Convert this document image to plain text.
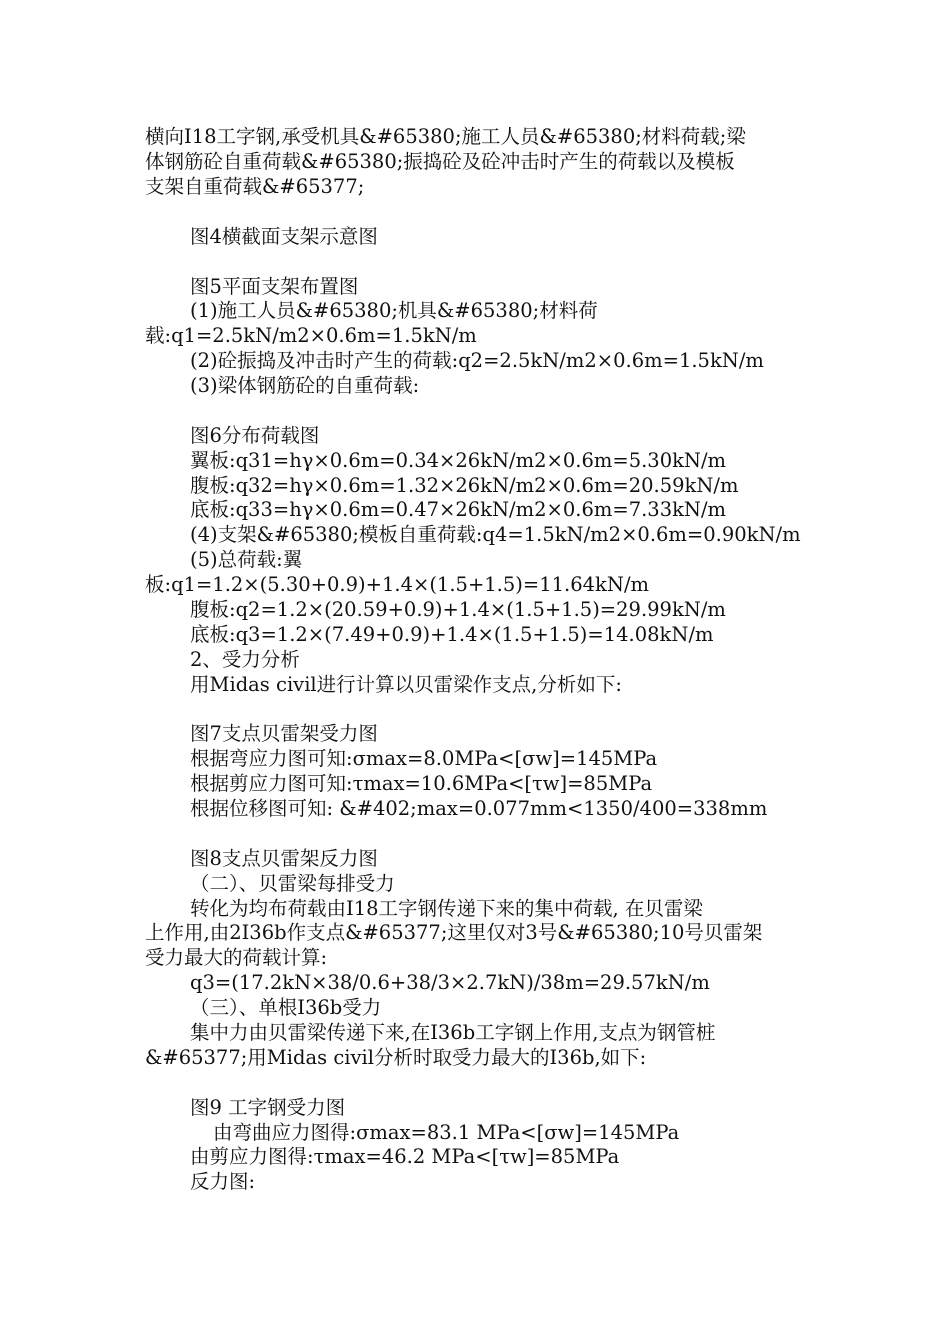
横向I18工字钢,承受机具&#65380;施工人员&#65380;材料荷载;梁

体钢筋砼自重荷载&#65380;振捣砼及砼冲击时产生的荷载以及模板

支架自重荷载&#65377;

图4横截面支架示意图

图5平面支架布置图

(1)施工人员&#65380;机具&#65380;材料荷

载:q1=2.5kN/m2×0.6m=1.5kN/m

(2)砼振捣及冲击时产生的荷载:q2=2.5kN/m2×0.6m=1.5kN/m

(3)梁体钢筋砼的自重荷载:

图6分布荷载图

翼板:q31=hγ×0.6m=0.34×26kN/m2×0.6m=5.30kN/m

腹板:q32=hγ×0.6m=1.32×26kN/m2×0.6m=20.59kN/m

底板:q33=hγ×0.6m=0.47×26kN/m2×0.6m=7.33kN/m

(4)支架&#65380;模板自重荷载:q4=1.5kN/m2×0.6m=0.90kN/m

(5)总荷载:翼

板:q1=1.2×(5.30+0.9)+1.4×(1.5+1.5)=11.64kN/m

腹板:q2=1.2×(20.59+0.9)+1.4×(1.5+1.5)=29.99kN/m

底板:q3=1.2×(7.49+0.9)+1.4×(1.5+1.5)=14.08kN/m

2、受力分析

用Midas civil进行计算以贝雷梁作支点,分析如下:

图7支点贝雷架受力图

根据弯应力图可知:σmax=8.0MPa<[σw]=145MPa

根据剪应力图可知:τmax=10.6MPa<[τw]=85MPa

根据位移图可知: &#402;max=0.077mm<1350/400=338mm

图8支点贝雷架反力图

（二）、贝雷梁每排受力

转化为均布荷载由I18工字钢传递下来的集中荷载, 在贝雷梁

上作用,由2I36b作支点&#65377;这里仅对3号&#65380;10号贝雷架

受力最大的荷载计算:

q3=(17.2kN×38/0.6+38/3×2.7kN)/38m=29.57kN/m

（三）、单根I36b受力

集中力由贝雷梁传递下来,在I36b工字钢上作用,支点为钢管桩

&#65377;用Midas civil分析时取受力最大的I36b,如下:

图9 工字钢受力图

由弯曲应力图得:σmax=83.1 MPa<[σw]=145MPa

由剪应力图得:τmax=46.2 MPa<[τw]=85MPa

反力图:
